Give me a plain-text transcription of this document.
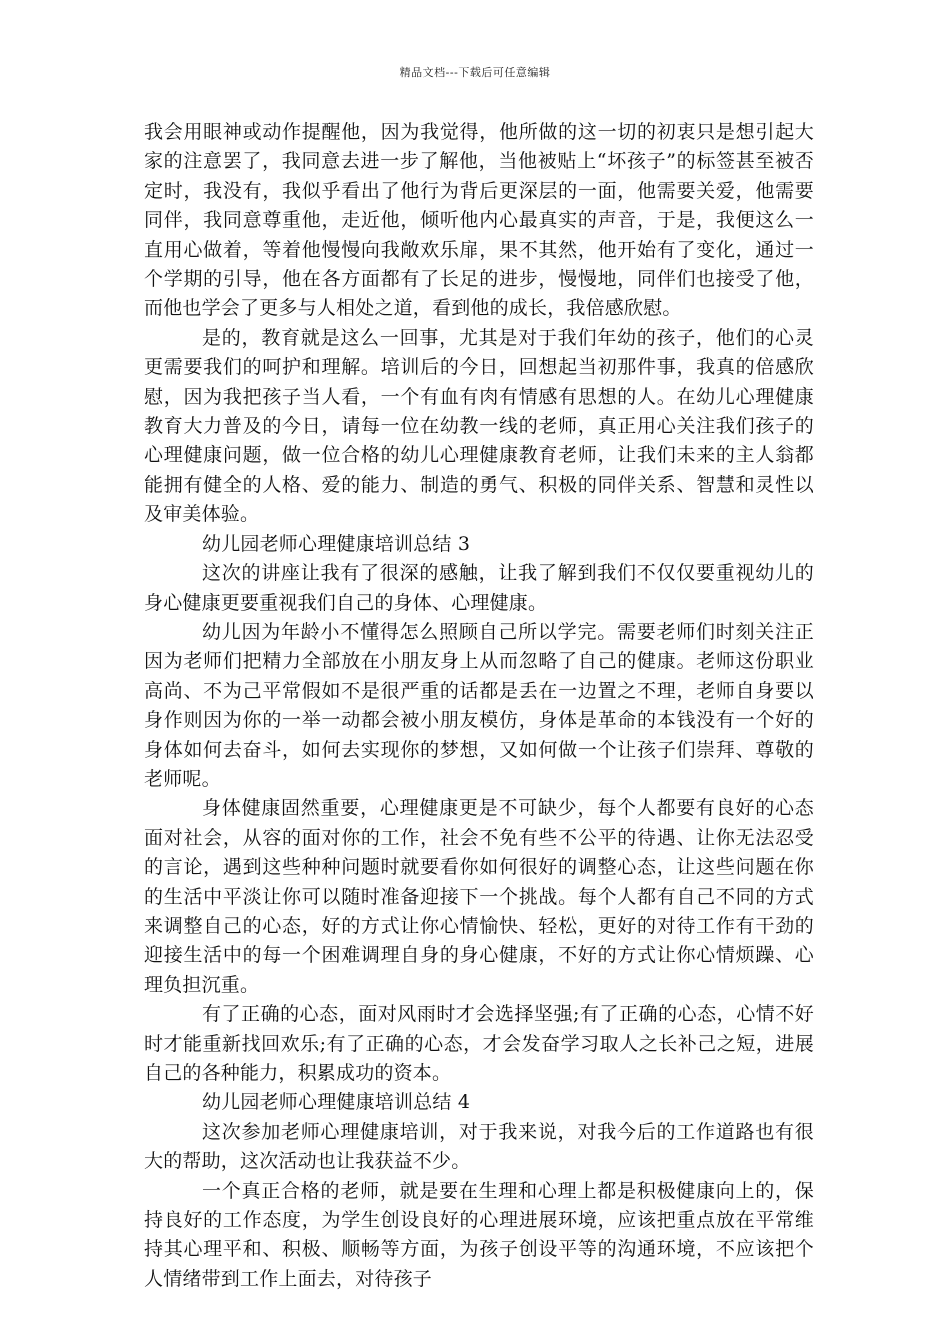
精品文档---下载后可任意编辑

我会用眼神或动作提醒他，因为我觉得，他所做的这一切的初衷只是想引起大家的注意罢了，我同意去进一步了解他，当他被贴上“坏孩子”的标签甚至被否定时，我没有，我似乎看出了他行为背后更深层的一面，他需要关爱，他需要同伴，我同意尊重他，走近他，倾听他内心最真实的声音，于是，我便这么一直用心做着，等着他慢慢向我敞欢乐扉，果不其然，他开始有了变化，通过一个学期的引导，他在各方面都有了长足的进步，慢慢地，同伴们也接受了他，而他也学会了更多与人相处之道，看到他的成长，我倍感欣慰。

是的，教育就是这么一回事，尤其是对于我们年幼的孩子，他们的心灵更需要我们的呵护和理解。培训后的今日，回想起当初那件事，我真的倍感欣慰，因为我把孩子当人看，一个有血有肉有情感有思想的人。在幼儿心理健康教育大力普及的今日，请每一位在幼教一线的老师，真正用心关注我们孩子的心理健康问题，做一位合格的幼儿心理健康教育老师，让我们未来的主人翁都能拥有健全的人格、爱的能力、制造的勇气、积极的同伴关系、智慧和灵性以及审美体验。

幼儿园老师心理健康培训总结 3

这次的讲座让我有了很深的感触，让我了解到我们不仅仅要重视幼儿的身心健康更要重视我们自己的身体、心理健康。

幼儿因为年龄小不懂得怎么照顾自己所以学完。需要老师们时刻关注正因为老师们把精力全部放在小朋友身上从而忽略了自己的健康。老师这份职业高尚、不为己平常假如不是很严重的话都是丢在一边置之不理，老师自身要以身作则因为你的一举一动都会被小朋友模仿，身体是革命的本钱没有一个好的身体如何去奋斗，如何去实现你的梦想，又如何做一个让孩子们崇拜、尊敬的老师呢。

身体健康固然重要，心理健康更是不可缺少，每个人都要有良好的心态面对社会，从容的面对你的工作，社会不免有些不公平的待遇、让你无法忍受的言论，遇到这些种种问题时就要看你如何很好的调整心态，让这些问题在你的生活中平淡让你可以随时准备迎接下一个挑战。每个人都有自己不同的方式来调整自己的心态，好的方式让你心情愉快、轻松，更好的对待工作有干劲的迎接生活中的每一个困难调理自身的身心健康，不好的方式让你心情烦躁、心理负担沉重。

有了正确的心态，面对风雨时才会选择坚强;有了正确的心态，心情不好时才能重新找回欢乐;有了正确的心态，才会发奋学习取人之长补己之短，进展自己的各种能力，积累成功的资本。

幼儿园老师心理健康培训总结 4

这次参加老师心理健康培训，对于我来说，对我今后的工作道路也有很大的帮助，这次活动也让我获益不少。

一个真正合格的老师，就是要在生理和心理上都是积极健康向上的，保持良好的工作态度，为学生创设良好的心理进展环境，应该把重点放在平常维持其心理平和、积极、顺畅等方面，为孩子创设平等的沟通环境，不应该把个人情绪带到工作上面去，对待孩子
